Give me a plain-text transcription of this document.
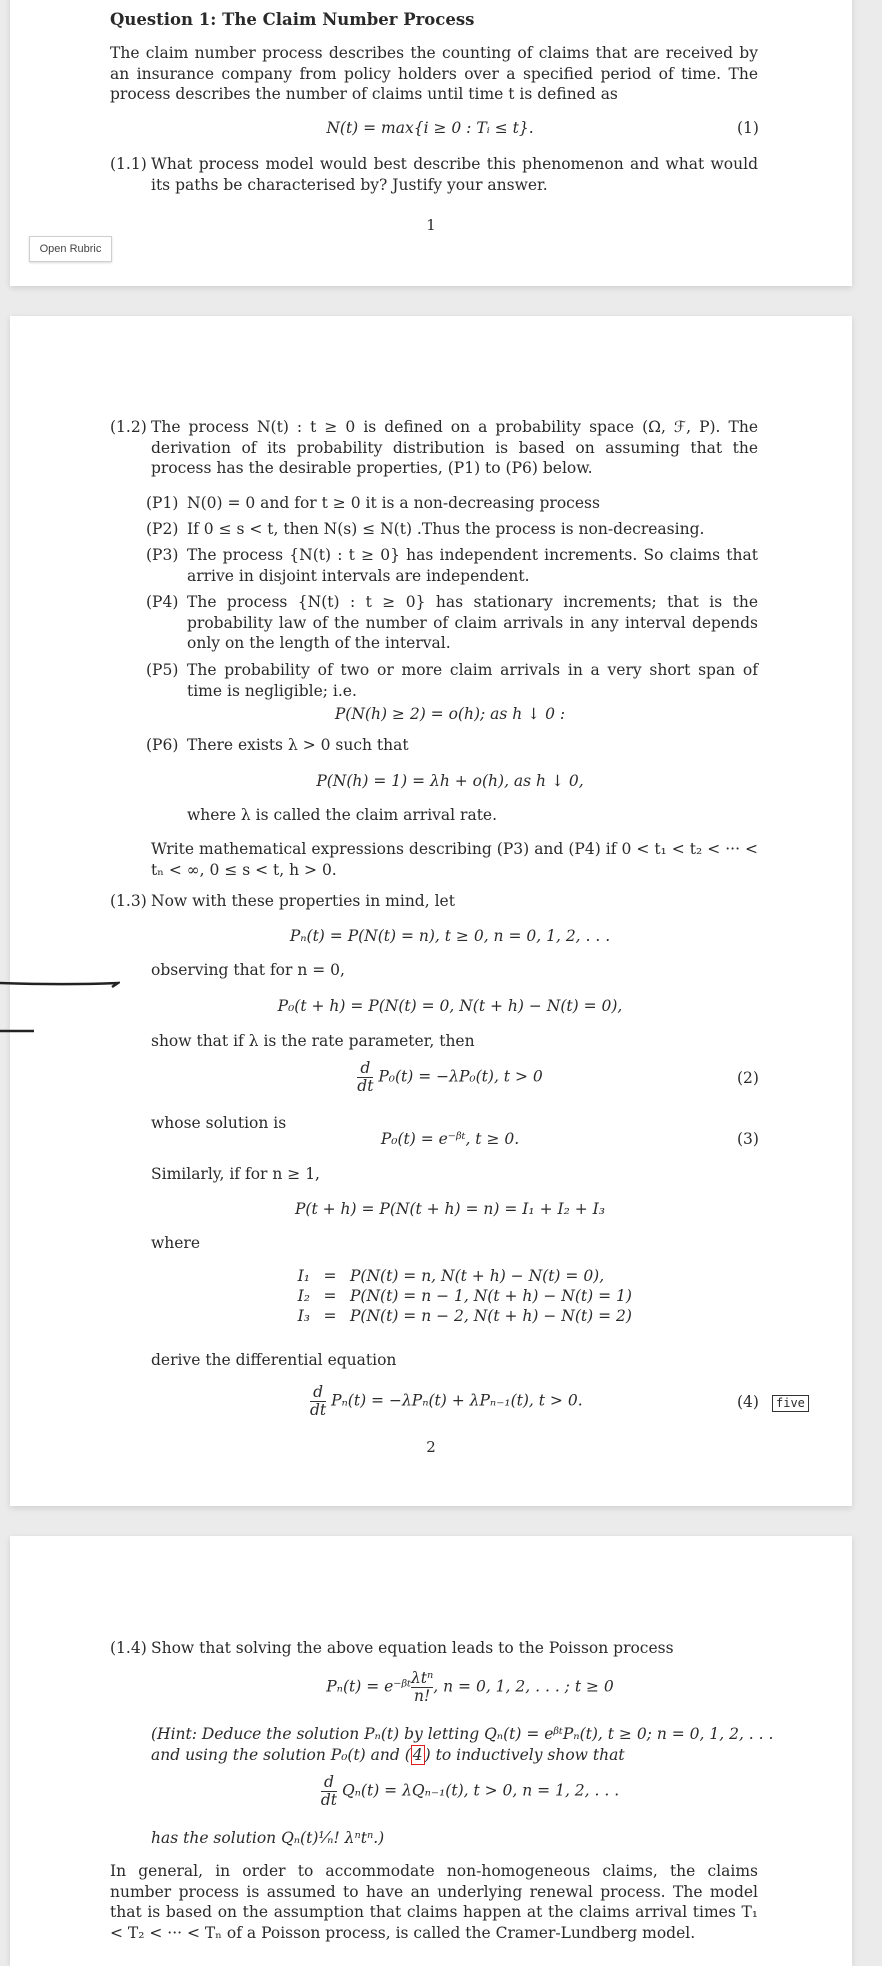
Question 1: The Claim Number Process
The claim number process describes the counting of claims that are received by an insurance company from policy holders over a specified period of time. The process describes the number of claims until time t is defined as
N(t) = max{i ≥ 0 : Tᵢ ≤ t}.	(1)
(1.1) What process model would best describe this phenomenon and what would its paths be characterised by? Justify your answer.
1
Open Rubric
(1.2) The process N(t) : t ≥ 0 is defined on a probability space (Ω, ℱ, P). The derivation of its probability distribution is based on assuming that the process has the desirable properties, (P1) to (P6) below.
(P1) N(0) = 0 and for t ≥ 0 it is a non-decreasing process
(P2) If 0 ≤ s < t, then N(s) ≤ N(t) .Thus the process is non-decreasing.
(P3) The process {N(t) : t ≥ 0} has independent increments. So claims that arrive in disjoint intervals are independent.
(P4) The process {N(t) : t ≥ 0} has stationary increments; that is the probability law of the number of claim arrivals in any interval depends only on the length of the interval.
(P5) The probability of two or more claim arrivals in a very short span of time is negligible; i.e.
P(N(h) ≥ 2) = o(h); as h ↓ 0 :
(P6) There exists λ > 0 such that
P(N(h) = 1) = λh + o(h), as h ↓ 0,
where λ is called the claim arrival rate.
Write mathematical expressions describing (P3) and (P4) if 0 < t₁ < t₂ < ··· < tₙ < ∞, 0 ≤ s < t, h > 0.
(1.3) Now with these properties in mind, let
Pₙ(t) = P(N(t) = n), t ≥ 0, n = 0, 1, 2, . . .
observing that for n = 0,
P₀(t + h) = P(N(t) = 0, N(t + h) − N(t) = 0),
show that if λ is the rate parameter, then
$\frac{d}{dt} P_0(t) = -\lambda P_0(t)$, t > 0	(2)
whose solution is
P₀(t) = e⁻ᵝᵗ, t ≥ 0.	(3)
Similarly, if for n ≥ 1,
P(t + h) = P(N(t + h) = n) = I₁ + I₂ + I₃
where
I₁ = P(N(t) = n, N(t + h) − N(t) = 0),
I₂ = P(N(t) = n − 1, N(t + h) − N(t) = 1)
I₃ = P(N(t) = n − 2, N(t + h) − N(t) = 2)
derive the differential equation
$\frac{d}{dt} P_n(t) = -\lambda P_n(t) + \lambda P_{n-1}(t)$, t > 0.	(4)	five
2
(1.4) Show that solving the above equation leads to the Poisson process
Pₙ(t) = e⁻ᵝᵗ $\frac{\text{λtⁿ}}{n!}$ , n = 0, 1, 2, . . . ; t ≥ 0
(Hint: Deduce the solution Pₙ(t) by letting Qₙ(t) = eᵝᵗPₙ(t), t ≥ 0; n = 0, 1, 2, . . .
and using the solution P₀(t) and ( 4 ) to inductively show that
$\frac{d}{dt} Q_n(t) = \lambda Q_{n-1}(t)$, t > 0, n = 1, 2, . . .
has the solution Qₙ(t)¹⁄ₙ! λⁿtⁿ.)
In general, in order to accommodate non-homogeneous claims, the claims number process is assumed to have an underlying renewal process. The model that is based on the assumption that claims happen at the claims arrival times T₁ < T₂ < ··· < Tₙ of a Poisson process, is called the Cramer-Lundberg model.
